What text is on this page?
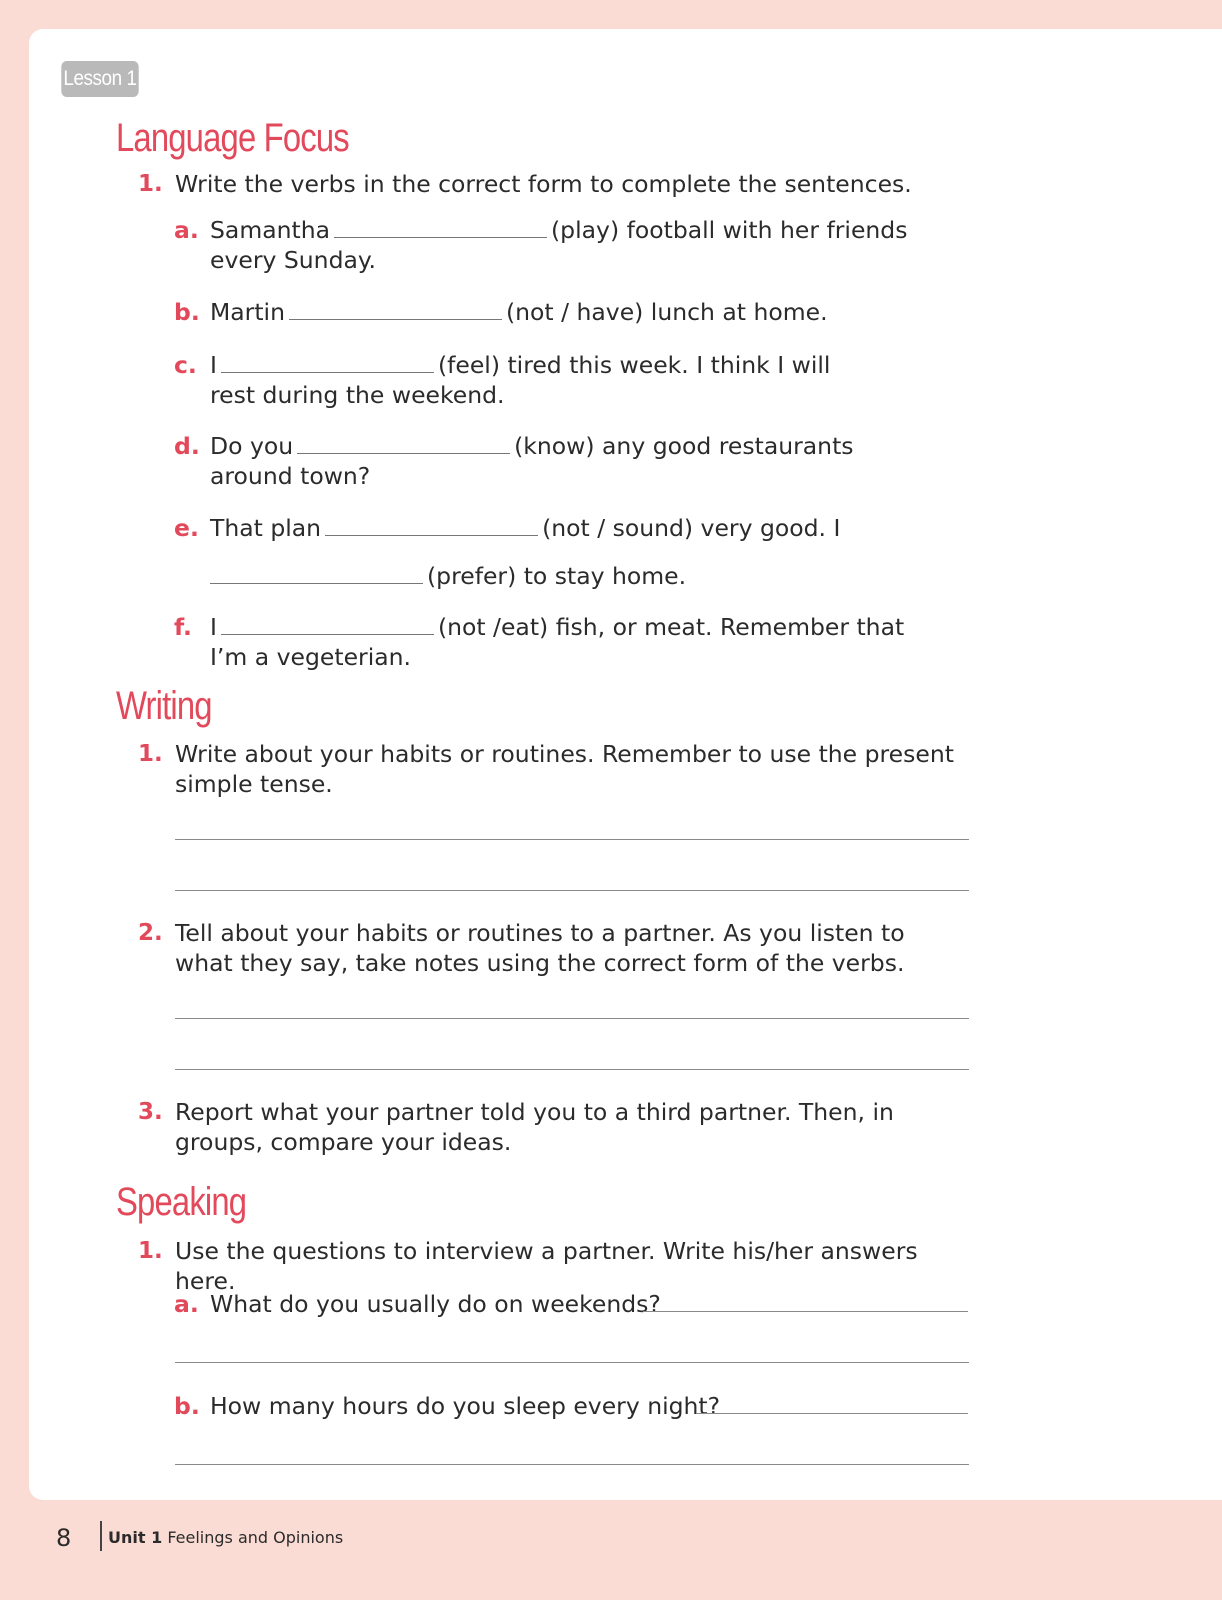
Lesson 1
Language Focus
1. Write the verbs in the correct form to complete the sentences.

a. Samantha	(play) football with her friends
every Sunday.
b. Martin	(not / have) lunch at home.
c. I	(feel) tired this week. I think I will
rest during the weekend.
d. Do you	(know) any good restaurants
around town?
e. That plan	(not / sound) very good. I
(prefer) to stay home.
f. I	(not /eat) fish, or meat. Remember that
I’m a vegeterian.
Writing
1. Write about your habits or routines. Remember to use the present simple tense.

2. Tell about your habits or routines to a partner. As you listen to what they say, take notes using the correct form of the verbs.

3. Report what your partner told you to a third partner. Then, in groups, compare your ideas.

Speaking
1. Use the questions to interview a partner. Write his/her answers here.

a. What do you usually do on weekends?
b. How many hours do you sleep every night?
8 Unit 1 Feelings and Opinions
